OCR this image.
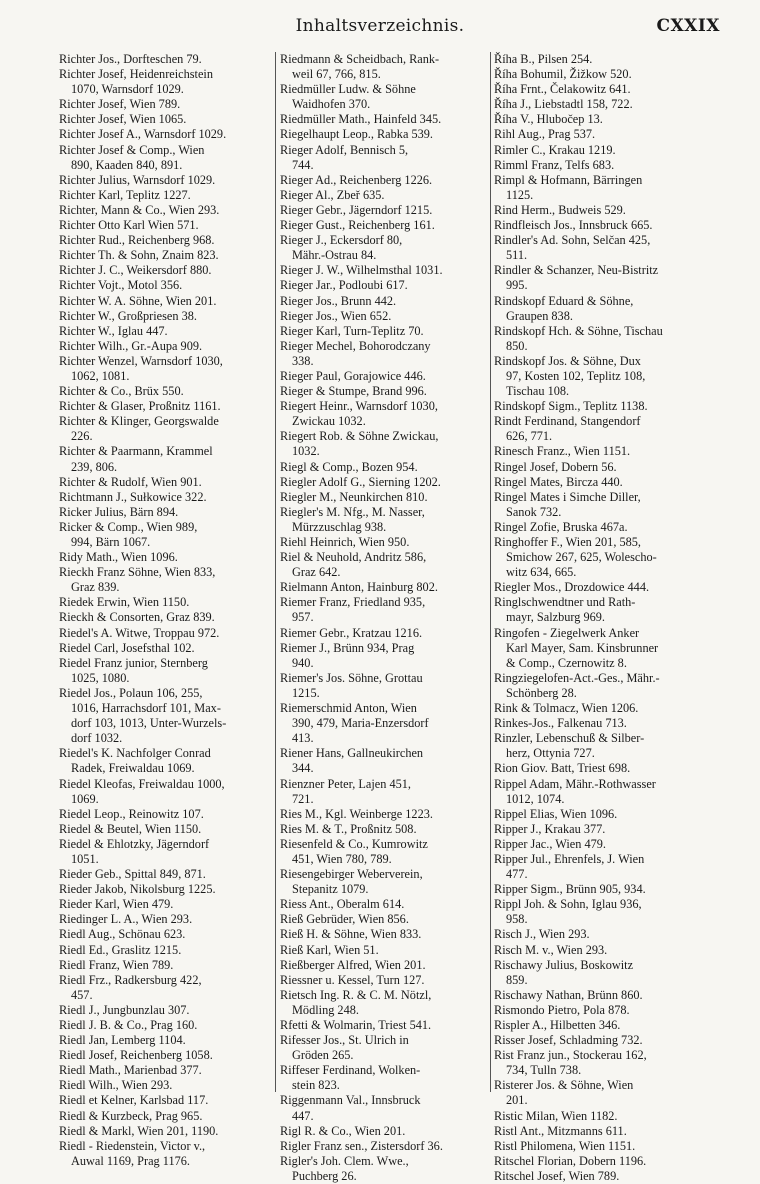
Inhaltsverzeichnis.	CXXIX
Richter Jos., Dorfteschen 79.
Richter Josef, Heidenreichstein
1070, Warnsdorf 1029.
Richter Josef, Wien 789.
Richter Josef, Wien 1065.
Richter Josef A., Warnsdorf 1029.
Richter Josef & Comp., Wien
890, Kaaden 840, 891.
Richter Julius, Warnsdorf 1029.
Richter Karl, Teplitz 1227.
Richter, Mann & Co., Wien 293.
Richter Otto Karl Wien 571.
Richter Rud., Reichenberg 968.
Richter Th. & Sohn, Znaim 823.
Richter J. C., Weikersdorf 880.
Richter Vojt., Motol 356.
Richter W. A. Söhne, Wien 201.
Richter W., Großpriesen 38.
Richter W., Iglau 447.
Richter Wilh., Gr.-Aupa 909.
Richter Wenzel, Warnsdorf 1030,
1062, 1081.
Richter & Co., Brüx 550.
Richter & Glaser, Proßnitz 1161.
Richter & Klinger, Georgswalde
226.
Richter & Paarmann, Krammel
239, 806.
Richter & Rudolf, Wien 901.
Richtmann J., Sułkowice 322.
Ricker Julius, Bärn 894.
Ricker & Comp., Wien 989,
994, Bärn 1067.
Ridy Math., Wien 1096.
Rieckh Franz Söhne, Wien 833,
Graz 839.
Riedek Erwin, Wien 1150.
Rieckh & Consorten, Graz 839.
Riedel's A. Witwe, Troppau 972.
Riedel Carl, Josefsthal 102.
Riedel Franz junior, Sternberg
1025, 1080.
Riedel Jos., Polaun 106, 255,
1016, Harrachsdorf 101, Max-
dorf 103, 1013, Unter-Wurzels-
dorf 1032.
Riedel's K. Nachfolger Conrad
Radek, Freiwaldau 1069.
Riedel Kleofas, Freiwaldau 1000,
1069.
Riedel Leop., Reinowitz 107.
Riedel & Beutel, Wien 1150.
Riedel & Ehlotzky, Jägerndorf
1051.
Rieder Geb., Spittal 849, 871.
Rieder Jakob, Nikolsburg 1225.
Rieder Karl, Wien 479.
Riedinger L. A., Wien 293.
Riedl Aug., Schönau 623.
Riedl Ed., Graslitz 1215.
Riedl Franz, Wien 789.
Riedl Frz., Radkersburg 422,
457.
Riedl J., Jungbunzlau 307.
Riedl J. B. & Co., Prag 160.
Riedl Jan, Lemberg 1104.
Riedl Josef, Reichenberg 1058.
Riedl Math., Marienbad 377.
Riedl Wilh., Wien 293.
Riedl et Kelner, Karlsbad 117.
Riedl & Kurzbeck, Prag 965.
Riedl & Markl, Wien 201, 1190.
Riedl - Riedenstein, Victor v.,
Auwal 1169, Prag 1176.
Riedmann & Scheidbach, Rank-
weil 67, 766, 815.
Riedmüller Ludw. & Söhne
Waidhofen 370.
Riedmüller Math., Hainfeld 345.
Riegelhaupt Leop., Rabka 539.
Rieger Adolf, Bennisch 5,
744.
Rieger Ad., Reichenberg 1226.
Rieger Al., Zbeř 635.
Rieger Gebr., Jägerndorf 1215.
Rieger Gust., Reichenberg 161.
Rieger J., Eckersdorf 80,
Mähr.-Ostrau 84.
Rieger J. W., Wilhelmsthal 1031.
Rieger Jar., Podloubi 617.
Rieger Jos., Brunn 442.
Rieger Jos., Wien 652.
Rieger Karl, Turn-Teplitz 70.
Rieger Mechel, Bohorodczany
338.
Rieger Paul, Gorajowice 446.
Rieger & Stumpe, Brand 996.
Riegert Heinr., Warnsdorf 1030,
Zwickau 1032.
Riegert Rob. & Söhne Zwickau,
1032.
Riegl & Comp., Bozen 954.
Riegler Adolf G., Sierning 1202.
Riegler M., Neunkirchen 810.
Riegler's M. Nfg., M. Nasser,
Mürzzuschlag 938.
Riehl Heinrich, Wien 950.
Riel & Neuhold, Andritz 586,
Graz 642.
Rielmann Anton, Hainburg 802.
Riemer Franz, Friedland 935,
957.
Riemer Gebr., Kratzau 1216.
Riemer J., Brünn 934, Prag
940.
Riemer's Jos. Söhne, Grottau
1215.
Riemerschmid Anton, Wien
390, 479, Maria-Enzersdorf
413.
Riener Hans, Gallneukirchen
344.
Rienzner Peter, Lajen 451,
721.
Ries M., Kgl. Weinberge 1223.
Ries M. & T., Proßnitz 508.
Riesenfeld & Co., Kumrowitz
451, Wien 780, 789.
Riesengebirger Weberverein,
Stepanitz 1079.
Riess Ant., Oberalm 614.
Rieß Gebrüder, Wien 856.
Rieß H. & Söhne, Wien 833.
Rieß Karl, Wien 51.
Rießberger Alfred, Wien 201.
Riessner u. Kessel, Turn 127.
Rietsch Ing. R. & C. M. Nötzl,
Mödling 248.
Rfetti & Wolmarin, Triest 541.
Rifesser Jos., St. Ulrich in
Gröden 265.
Riffeser Ferdinand, Wolken-
stein 823.
Riggenmann Val., Innsbruck
447.
Rigl R. & Co., Wien 201.
Rigler Franz sen., Zistersdorf 36.
Rigler's Joh. Clem. Wwe.,
Puchberg 26.
Říha B., Pilsen 254.
Říha Bohumil, Žižkow 520.
Říha Frnt., Čelakowitz 641.
Říha J., Liebstadtl 158, 722.
Říha V., Hlubočep 13.
Rihl Aug., Prag 537.
Rimler C., Krakau 1219.
Rimml Franz, Telfs 683.
Rimpl & Hofmann, Bärringen
1125.
Rind Herm., Budweis 529.
Rindfleisch Jos., Innsbruck 665.
Rindler's Ad. Sohn, Selčan 425,
511.
Rindler & Schanzer, Neu-Bistritz
995.
Rindskopf Eduard & Söhne,
Graupen 838.
Rindskopf Hch. & Söhne, Tischau
850.
Rindskopf Jos. & Söhne, Dux
97, Kosten 102, Teplitz 108,
Tischau 108.
Rindskopf Sigm., Teplitz 1138.
Rindt Ferdinand, Stangendorf
626, 771.
Rinesch Franz., Wien 1151.
Ringel Josef, Dobern 56.
Ringel Mates, Bircza 440.
Ringel Mates i Simche Diller,
Sanok 732.
Ringel Zofie, Bruska 467a.
Ringhoffer F., Wien 201, 585,
Smichow 267, 625, Wolescho-
witz 634, 665.
Riegler Mos., Drozdowice 444.
Ringlschwendtner und Rath-
mayr, Salzburg 969.
Ringofen - Ziegelwerk Anker
Karl Mayer, Sam. Kinsbrunner
& Comp., Czernowitz 8.
Ringziegelofen-Act.-Ges., Mähr.-
Schönberg 28.
Rink & Tolmacz, Wien 1206.
Rinkes-Jos., Falkenau 713.
Rinzler, Lebenschuß & Silber-
herz, Ottynia 727.
Rion Giov. Batt, Triest 698.
Rippel Adam, Mähr.-Rothwasser
1012, 1074.
Rippel Elias, Wien 1096.
Ripper J., Krakau 377.
Ripper Jac., Wien 479.
Ripper Jul., Ehrenfels, J. Wien
477.
Ripper Sigm., Brünn 905, 934.
Rippl Joh. & Sohn, Iglau 936,
958.
Risch J., Wien 293.
Risch M. v., Wien 293.
Rischawy Julius, Boskowitz
859.
Rischawy Nathan, Brünn 860.
Rismondo Pietro, Pola 878.
Rispler A., Hilbetten 346.
Risser Josef, Schladming 732.
Rist Franz jun., Stockerau 162,
734, Tulln 738.
Risterer Jos. & Söhne, Wien
201.
Ristic Milan, Wien 1182.
Ristl Ant., Mitzmanns 611.
Ristl Philomena, Wien 1151.
Ritschel Florian, Dobern 1196.
Ritschel Josef, Wien 789.
